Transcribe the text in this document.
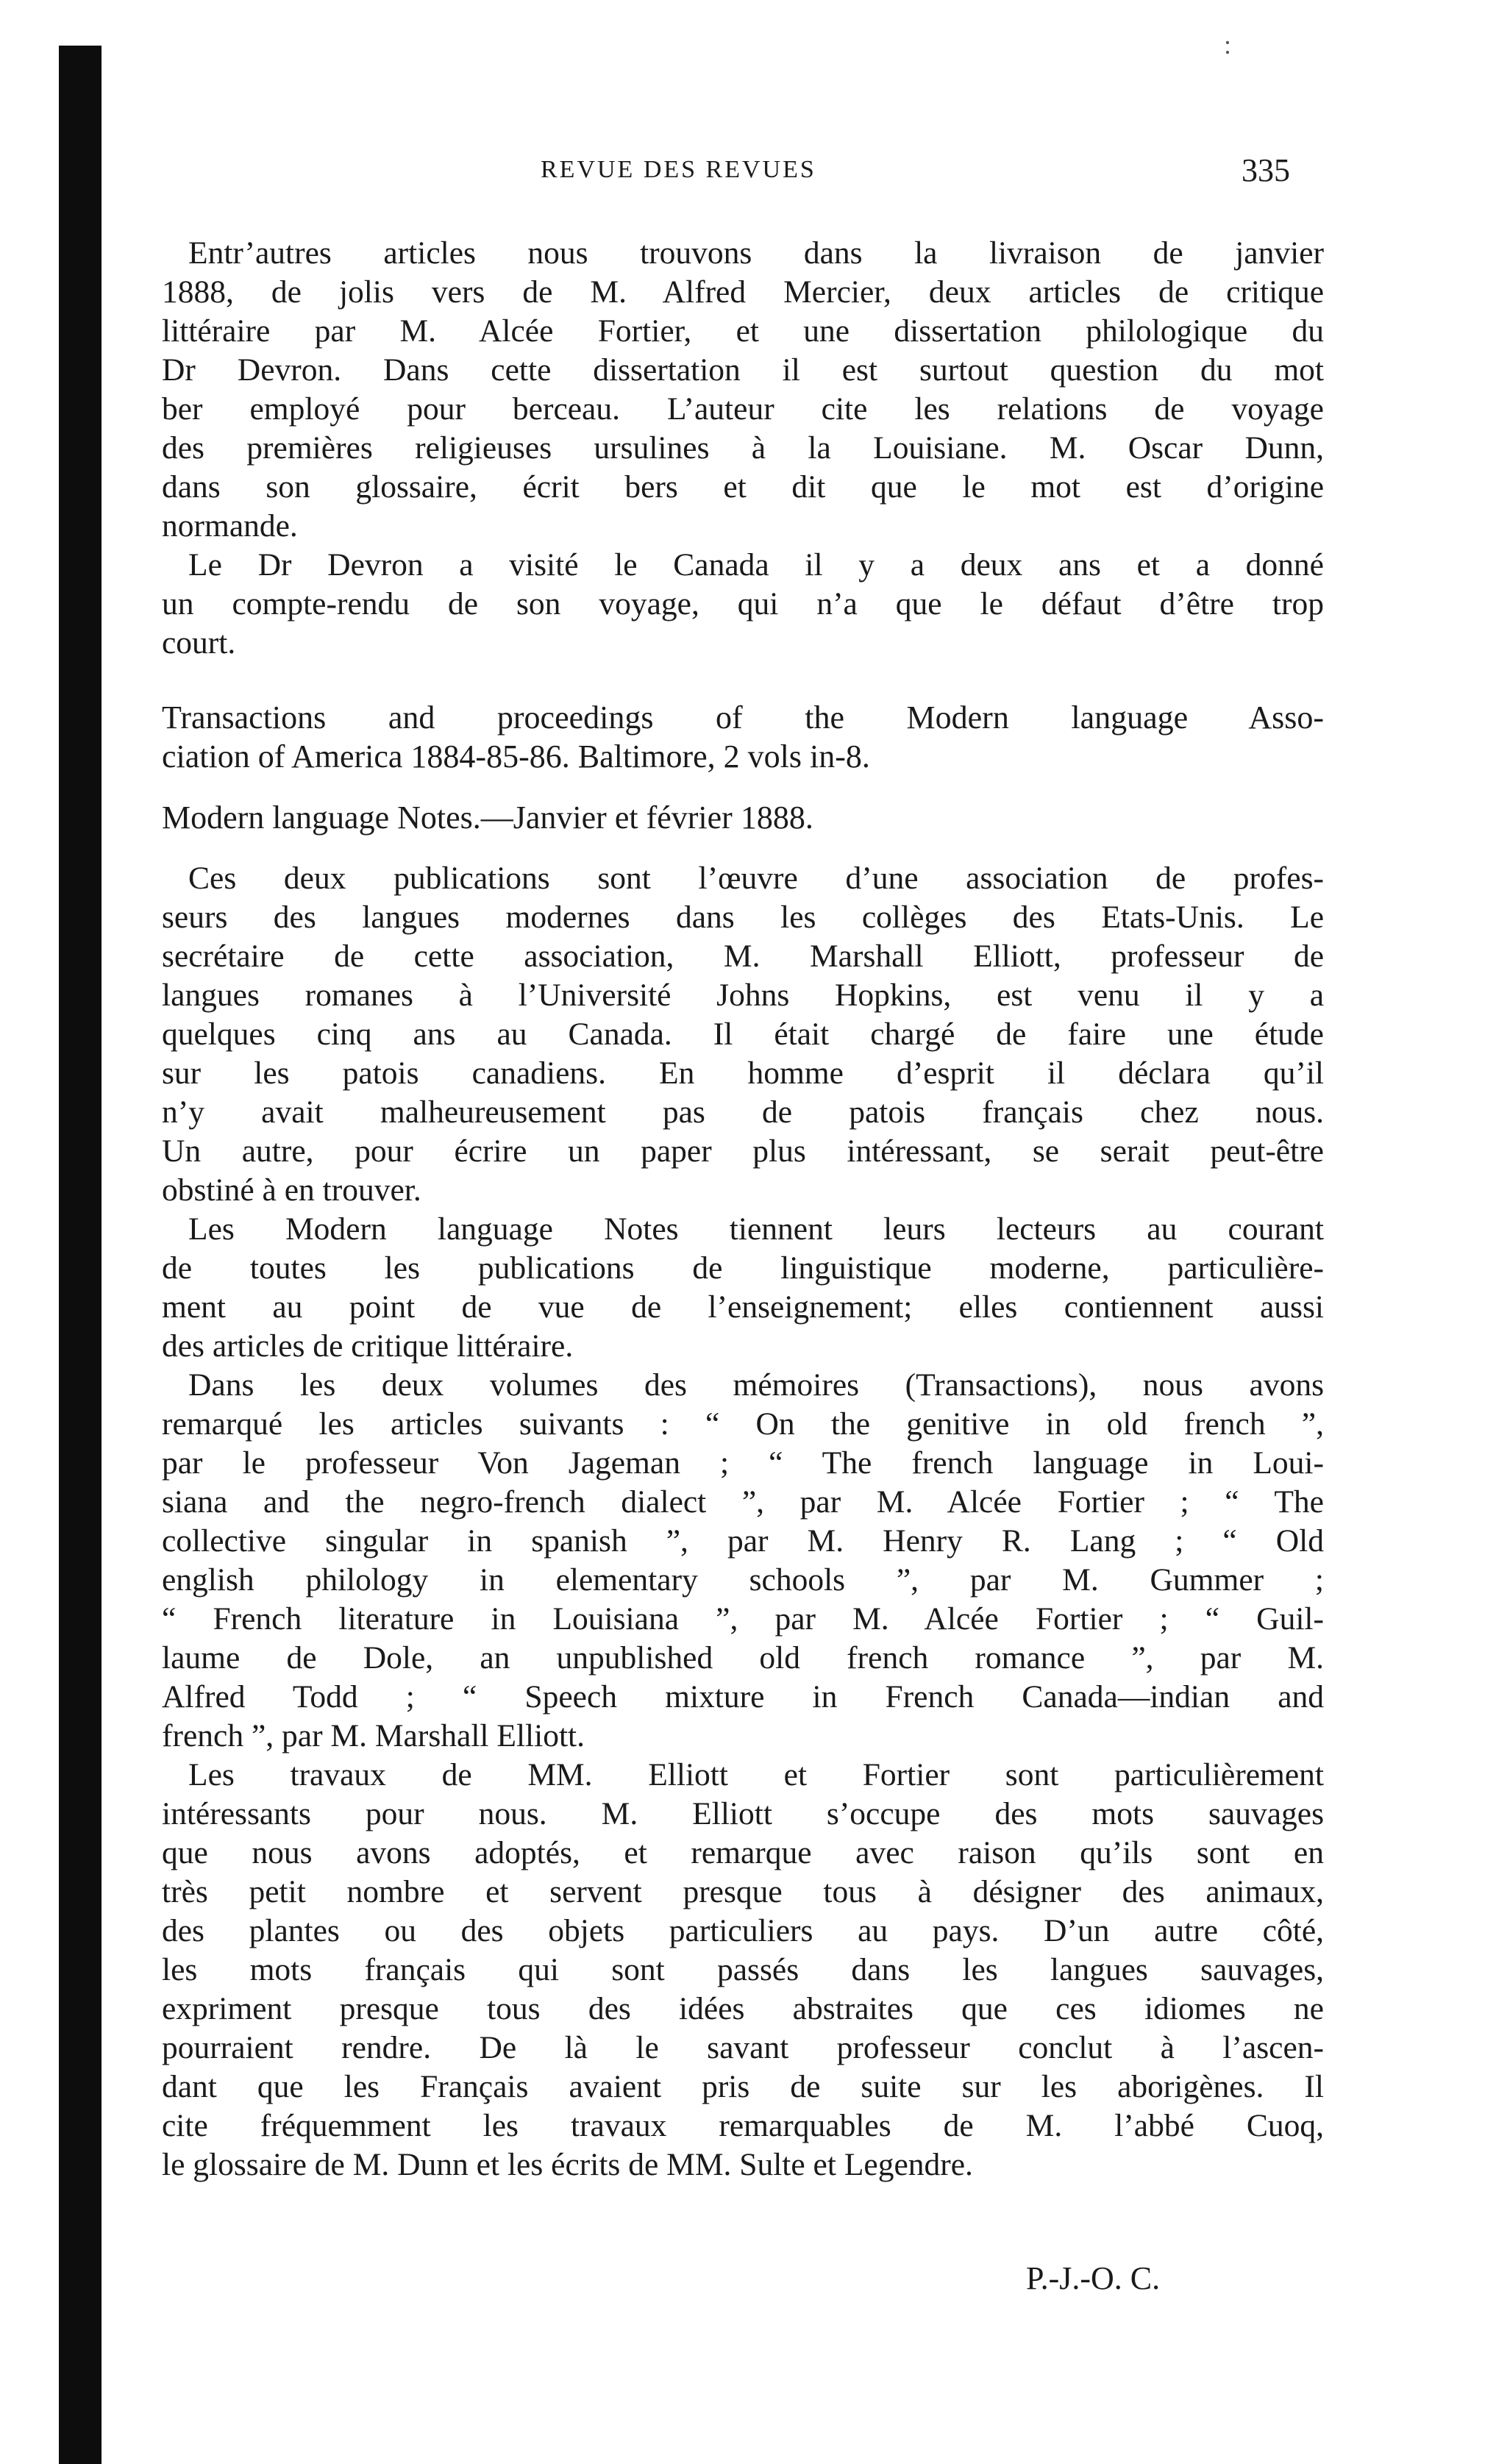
:
REVUE DES REVUES	335
Entr’autres articles nous trouvons dans la livraison de janvier
1888, de jolis vers de M. Alfred Mercier, deux articles de critique
littéraire par M. Alcée Fortier, et une dissertation philologique du
Dr Devron. Dans cette dissertation il est surtout question du mot
ber employé pour berceau. L’auteur cite les relations de voyage
des premières religieuses ursulines à la Louisiane. M. Oscar Dunn,
dans son glossaire, écrit bers et dit que le mot est d’origine
normande.
Le Dr Devron a visité le Canada il y a deux ans et a donné
un compte-rendu de son voyage, qui n’a que le défaut d’être trop
court.
Transactions and proceedings of the Modern language Asso-
ciation of America 1884-85-86. Baltimore, 2 vols in-8.
Modern language Notes.—Janvier et février 1888.
Ces deux publications sont l’œuvre d’une association de profes-
seurs des langues modernes dans les collèges des Etats-Unis. Le
secrétaire de cette association, M. Marshall Elliott, professeur de
langues romanes à l’Université Johns Hopkins, est venu il y a
quelques cinq ans au Canada. Il était chargé de faire une étude
sur les patois canadiens. En homme d’esprit il déclara qu’il
n’y avait malheureusement pas de patois français chez nous.
Un autre, pour écrire un paper plus intéressant, se serait peut-être
obstiné à en trouver.
Les Modern language Notes tiennent leurs lecteurs au courant
de toutes les publications de linguistique moderne, particulière-
ment au point de vue de l’enseignement; elles contiennent aussi
des articles de critique littéraire.
Dans les deux volumes des mémoires (Transactions), nous avons
remarqué les articles suivants : “ On the genitive in old french ”,
par le professeur Von Jageman ; “ The french language in Loui-
siana and the negro-french dialect ”, par M. Alcée Fortier ; “ The
collective singular in spanish ”, par M. Henry R. Lang ; “ Old
english philology in elementary schools ”, par M. Gummer ;
“ French literature in Louisiana ”, par M. Alcée Fortier ; “ Guil-
laume de Dole, an unpublished old french romance ”, par M.
Alfred Todd ; “ Speech mixture in French Canada—indian and
french ”, par M. Marshall Elliott.
Les travaux de MM. Elliott et Fortier sont particulièrement
intéressants pour nous. M. Elliott s’occupe des mots sauvages
que nous avons adoptés, et remarque avec raison qu’ils sont en
très petit nombre et servent presque tous à désigner des animaux,
des plantes ou des objets particuliers au pays. D’un autre côté,
les mots français qui sont passés dans les langues sauvages,
expriment presque tous des idées abstraites que ces idiomes ne
pourraient rendre. De là le savant professeur conclut à l’ascen-
dant que les Français avaient pris de suite sur les aborigènes. Il
cite fréquemment les travaux remarquables de M. l’abbé Cuoq,
le glossaire de M. Dunn et les écrits de MM. Sulte et Legendre.
P.-J.-O. C.
